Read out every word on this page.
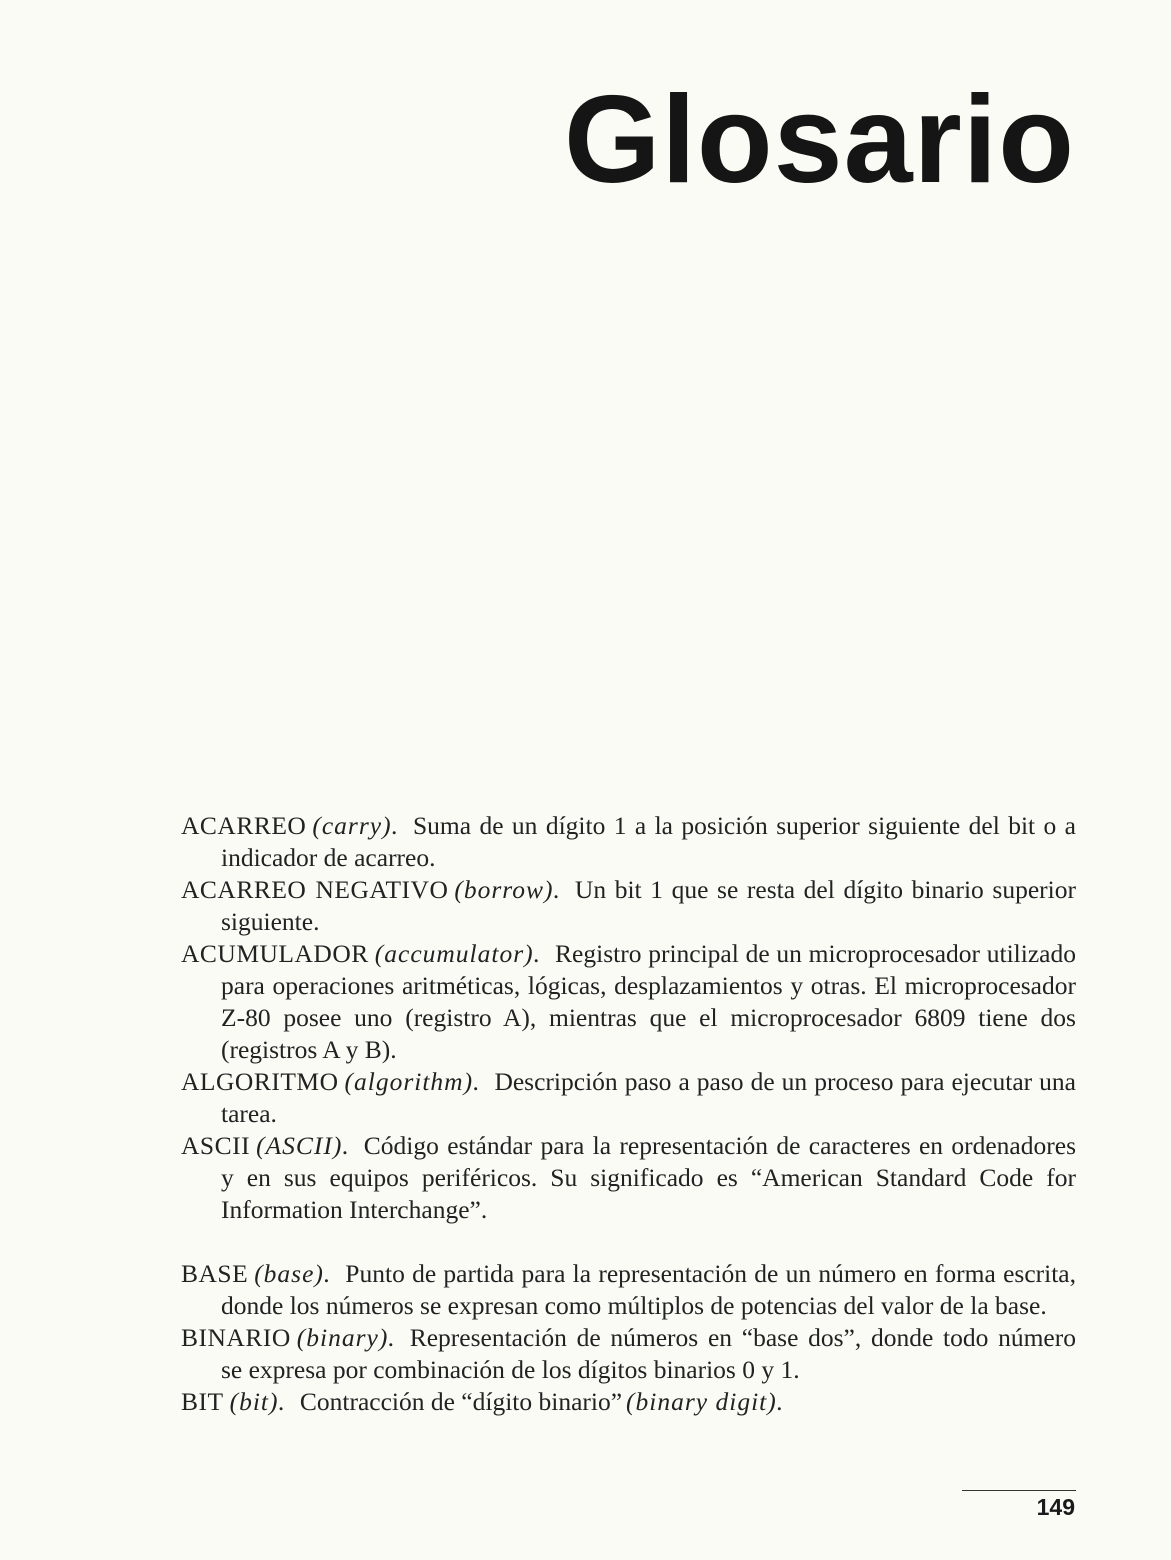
Glosario

ACARREO (carry). Suma de un dígito 1 a la posición superior siguiente del bit o a indicador de acarreo.

ACARREO NEGATIVO (borrow). Un bit 1 que se resta del dígito binario superior siguiente.

ACUMULADOR (accumulator). Registro principal de un microprocesador utilizado para operaciones aritméticas, lógicas, desplazamientos y otras. El microprocesador Z-80 posee uno (registro A), mientras que el microprocesador 6809 tiene dos (registros A y B).

ALGORITMO (algorithm). Descripción paso a paso de un proceso para ejecutar una tarea.

ASCII (ASCII). Código estándar para la representación de caracteres en ordenadores y en sus equipos periféricos. Su significado es “American Standard Code for Information Interchange”.

BASE (base). Punto de partida para la representación de un número en forma escrita, donde los números se expresan como múltiplos de potencias del valor de la base.

BINARIO (binary). Representación de números en “base dos”, donde todo número se expresa por combinación de los dígitos binarios 0 y 1.

BIT (bit). Contracción de “dígito binario” (binary digit).

149
